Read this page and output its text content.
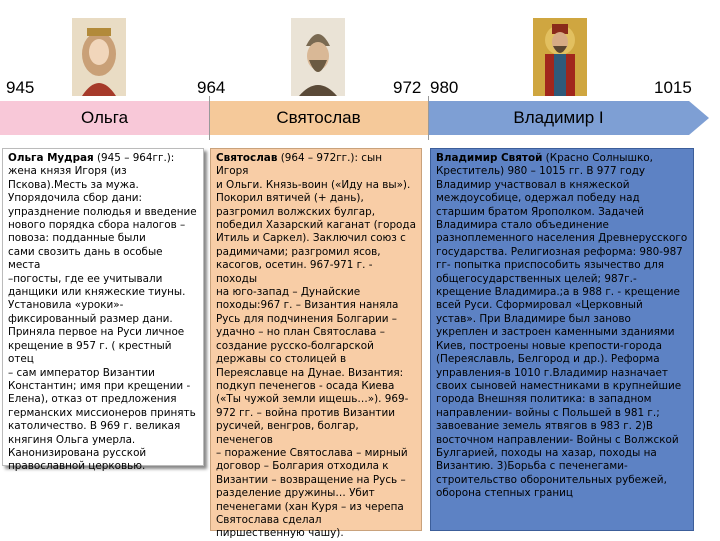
945	964	972 980	1015
Ольга	Святослав	Владимир I
Ольга Мудрая (945 – 964гг.):
жена князя Игоря (из
Пскова).Месть за мужа.
Упорядочила сбор дани:
упразднение полюдья и введение
нового порядка сбора налогов –
повоза: подданные были
сами свозить дань в особые места
–погосты, где ее учитывали
данщики или княжеские тиуны.
Установила «уроки»-
фиксированный размер дани.
Приняла первое на Руси личное
крещение в 957 г. ( крестный отец
– сам император Византии
Константин; имя при крещении -
Елена), отказ от предложения
германских миссионеров принять
католичество. В 969 г. великая
княгиня Ольга умерла.
Канонизирована русской
православной церковью.
Святослав (964 – 972гг.): сын Игоря
и Ольги. Князь-воин («Иду на вы»).
Покорил вятичей (+ дань),
разгромил волжских булгар,
победил Хазарский каганат (города
Итиль и Саркел). Заключил союз с
радимичами; разгромил ясов,
касогов, осетин. 967-971 г. - походы
на юго-запад – Дунайские
походы:967 г. – Византия наняла
Русь для подчинения Болгарии –
удачно – но план Святослава –
создание русско-болгарской
державы со столицей в
Переяславце на Дунае. Византия:
подкуп печенегов - осада Киева
(«Ты чужой земли ищешь…»). 969-
972 гг. – война против Византии
русичей, венгров, болгар, печенегов
– поражение Святослава – мирный
договор – Болгария отходила к
Византии – возвращение на Русь –
разделение дружины… Убит
печенегами (хан Куря – из черепа
Святослава сделал
пиршественную чашу).
Владимир Святой (Красно Солнышко,
Креститель) 980 – 1015 гг. В 977 году
Владимир участвовал в княжеской
междоусобице, одержал победу над
старшим братом Ярополком. Задачей
Владимира стало объединение
разноплеменного населения Древнерусского
государства. Религиозная реформа: 980-987
гг- попытка приспособить язычество для
общегосударственных целей; 987г.-
крещение Владимира.;а в 988 г. - крещение
всей Руси. Сформировал «Церковный
устав». При Владимире был заново
укреплен и застроен каменными зданиями
Киев, построены новые крепости-города
(Переяславль, Белгород и др.). Реформа
управления-в 1010 г.Владимир назначает
своих сыновей наместниками в крупнейшие
города Внешняя политика: в западном
направлении- войны с Польшей в 981 г.;
завоевание земель ятвягов в 983 г. 2)В
восточном направлении- Войны с Волжской
Булгарией, походы на хазар, походы на
Византию. 3)Борьба с печенегами-
строительство оборонительных рубежей,
оборона степных границ
